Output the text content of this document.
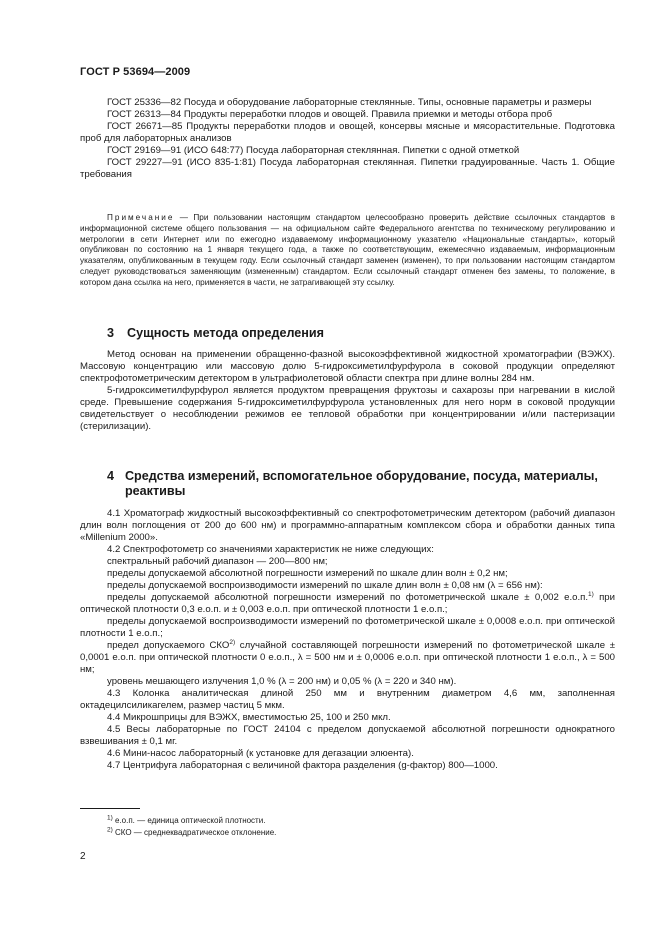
ГОСТ Р 53694—2009

ГОСТ 25336—82 Посуда и оборудование лабораторные стеклянные. Типы, основные параметры и размеры

ГОСТ 26313—84 Продукты переработки плодов и овощей. Правила приемки и методы отбора проб

ГОСТ 26671—85 Продукты переработки плодов и овощей, консервы мясные и мясорастительные. Подготовка проб для лабораторных анализов

ГОСТ 29169—91 (ИСО 648:77) Посуда лабораторная стеклянная. Пипетки с одной отметкой

ГОСТ 29227—91 (ИСО 835-1:81) Посуда лабораторная стеклянная. Пипетки градуированные. Часть 1. Общие требования

Примечание — При пользовании настоящим стандартом целесообразно проверить действие ссылочных стандартов в информационной системе общего пользования — на официальном сайте Федерального агентства по техническому регулированию и метрологии в сети Интернет или по ежегодно издаваемому информационному указателю «Национальные стандарты», который опубликован по состоянию на 1 января текущего года, а также по соответствующим, ежемесячно издаваемым, информационным указателям, опубликованным в текущем году. Если ссылочный стандарт заменен (изменен), то при пользовании настоящим стандартом следует руководствоваться заменяющим (измененным) стандартом. Если ссылочный стандарт отменен без замены, то положение, в котором дана ссылка на него, применяется в части, не затрагивающей эту ссылку.

3 Сущность метода определения

Метод основан на применении обращенно-фазной высокоэффективной жидкостной хроматографии (ВЭЖХ). Массовую концентрацию или массовую долю 5-гидроксиметилфурфурола в соковой продукции определяют спектрофотометрическим детектором в ультрафиолетовой области спектра при длине волны 284 нм.

5-гидроксиметилфурфурол является продуктом превращения фруктозы и сахарозы при нагревании в кислой среде. Превышение содержания 5-гидроксиметилфурфурола установленных для него норм в соковой продукции свидетельствует о несоблюдении режимов ее тепловой обработки при концентрировании и/или пастеризации (стерилизации).

4 Средства измерений, вспомогательное оборудование, посуда, материалы, реактивы

4.1 Хроматограф жидкостный высокоэффективный со спектрофотометрическим детектором (рабочий диапазон длин волн поглощения от 200 до 600 нм) и программно-аппаратным комплексом сбора и обработки данных типа «Millenium 2000».

4.2 Спектрофотометр со значениями характеристик не ниже следующих:

спектральный рабочий диапазон — 200—800 нм;

пределы допускаемой абсолютной погрешности измерений по шкале длин волн ± 0,2 нм;

пределы допускаемой воспроизводимости измерений по шкале длин волн ± 0,08 нм (λ = 656 нм):

пределы допускаемой абсолютной погрешности измерений по фотометрической шкале ± 0,002 е.о.п.$^{1)}$ при оптической плотности 0,3 е.о.п. и ± 0,003 е.о.п. при оптической плотности 1 е.о.п.;

пределы допускаемой воспроизводимости измерений по фотометрической шкале ± 0,0008 е.о.п. при оптической плотности 1 е.о.п.;

предел допускаемого СКО$^{2)}$ случайной составляющей погрешности измерений по фотометрической шкале ± 0,0001 е.о.п. при оптической плотности 0 е.о.п., λ = 500 нм и ± 0,0006 е.о.п. при оптической плотности 1 е.о.п., λ = 500 нм;

уровень мешающего излучения 1,0 % (λ = 200 нм) и 0,05 % (λ = 220 и 340 нм).

4.3 Колонка аналитическая длиной 250 мм и внутренним диаметром 4,6 мм, заполненная октадецилсиликагелем, размер частиц 5 мкм.

4.4 Микрошприцы для ВЭЖХ, вместимостью 25, 100 и 250 мкл.

4.5 Весы лабораторные по ГОСТ 24104 с пределом допускаемой абсолютной погрешности однократного взвешивания ± 0,1 мг.

4.6 Мини-насос лабораторный (к установке для дегазации элюента).

4.7 Центрифуга лабораторная с величиной фактора разделения (g-фактор) 800—1000.

$^{1)}$ е.о.п. — единица оптической плотности.

$^{2)}$ СКО — среднеквадратическое отклонение.

2
